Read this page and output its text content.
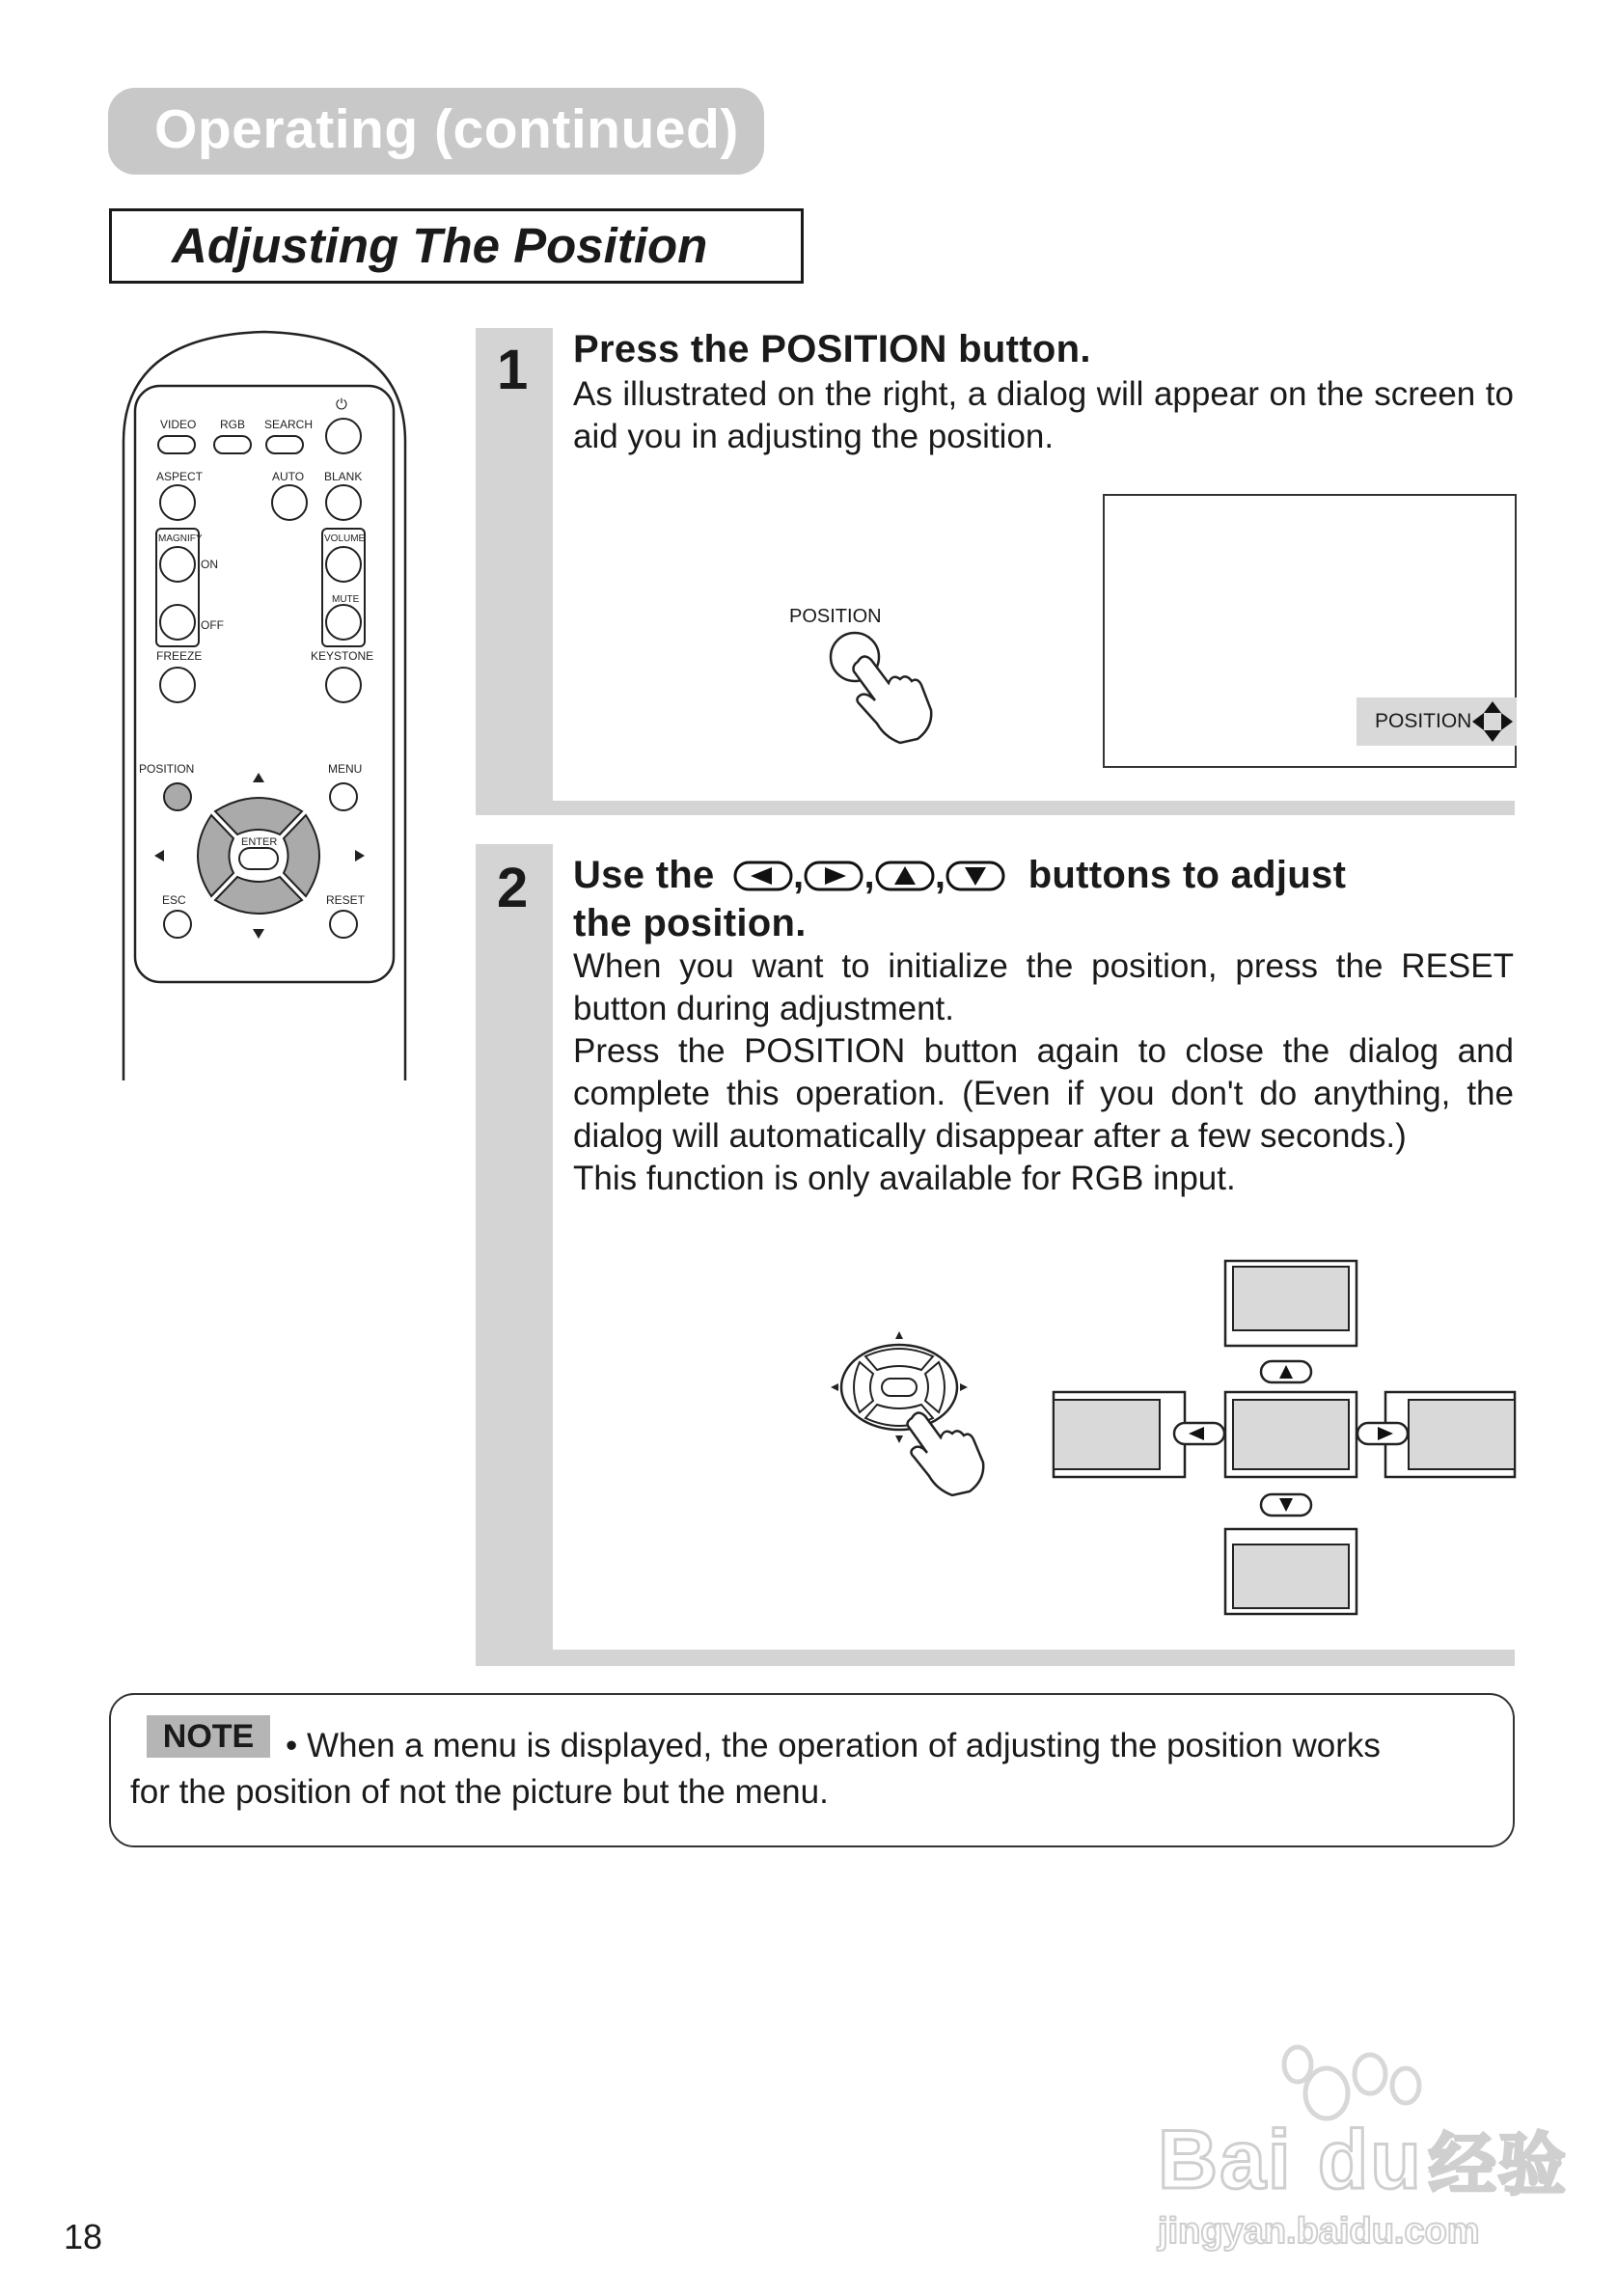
Operating (continued)
Adjusting The Position
VIDEO RGB SEARCH
⏻
ASPECT	AUTO BLANK
MAGNIFY	VOLUME
ON
OFF
MUTE
FREEZE	KEYSTONE
POSITION	MENU
ENTER
ESC	RESET
1 Press the POSITION button.
As illustrated on the right, a dialog will appear on the screen to aid you in adjusting the position.
POSITION
POSITION
2 Use the , , , buttons to adjust
the position.
When you want to initialize the position, press the RESET button during adjustment.
Press the POSITION button again to close the dialog and complete this operation. (Even if you don't do anything, the dialog will automatically disappear after a few seconds.)
This function is only available for RGB input.
NOTE • When a menu is displayed, the operation of adjusting the position works
for the position of not the picture but the menu.
18
Bai du经验
jingyan.baidu.com
